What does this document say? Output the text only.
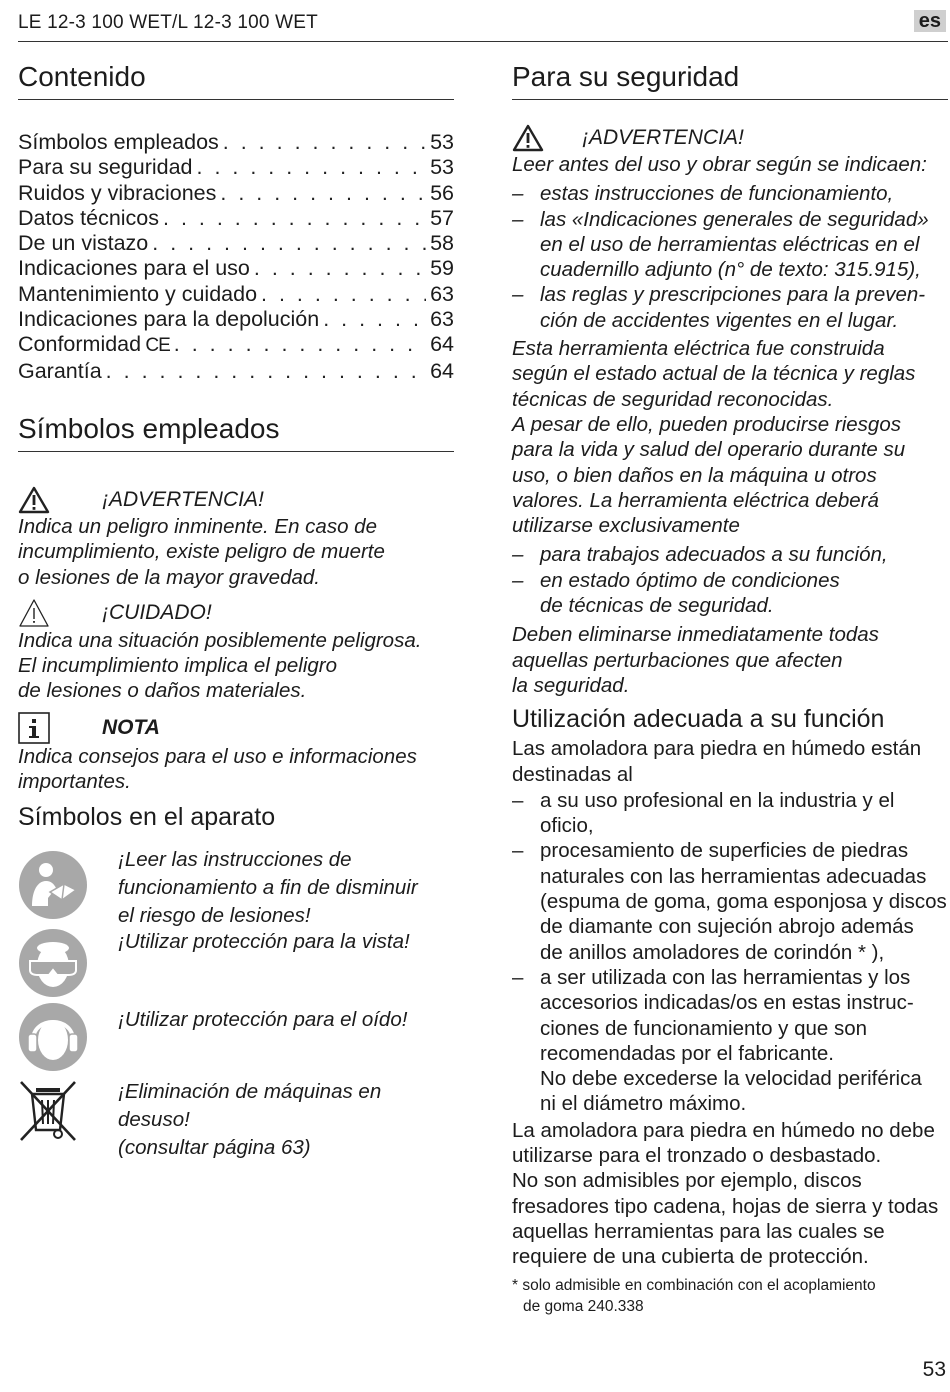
LE 12-3 100 WET/L 12-3 100 WET	es
Contenido
Símbolos empleados . . .	53
Para su seguridad . . .	53
Ruidos y vibraciones . . .	56
Datos técnicos . . .	57
De un vistazo . . .	58
Indicaciones para el uso . . .	59
Mantenimiento y cuidado . . .	63
Indicaciones para la depolución . . .	63
Conformidad CE . . .	64
Garantía . . .	64
Símbolos empleados
¡ADVERTENCIA!
Indica un peligro inminente. En caso de
incumplimiento, existe peligro de muerte
o lesiones de la mayor gravedad.
¡CUIDADO!
Indica una situación posiblemente peligrosa.
El incumplimiento implica el peligro
de lesiones o daños materiales.
NOTA
Indica consejos para el uso e informaciones
importantes.
Símbolos en el aparato
¡Leer las instrucciones de
funcionamiento a fin de disminuir
el riesgo de lesiones!
¡Utilizar protección para la vista!
¡Utilizar protección para el oído!
¡Eliminación de máquinas en
desuso!
(consultar página 63)
Para su seguridad
¡ADVERTENCIA!
Leer antes del uso y obrar según se indicaen:
– estas instrucciones de funcionamiento,
– las «Indicaciones generales de seguridad»
en el uso de herramientas eléctricas en el
cuadernillo adjunto (n° de texto: 315.915),
– las reglas y prescripciones para la preven-
ción de accidentes vigentes en el lugar.
Esta herramienta eléctrica fue construida
según el estado actual de la técnica y reglas
técnicas de seguridad reconocidas.
A pesar de ello, pueden producirse riesgos
para la vida y salud del operario durante su
uso, o bien daños en la máquina u otros
valores. La herramienta eléctrica deberá
utilizarse exclusivamente
– para trabajos adecuados a su función,
– en estado óptimo de condiciones
de técnicas de seguridad.
Deben eliminarse inmediatamente todas
aquellas perturbaciones que afecten
la seguridad.
Utilización adecuada a su función
Las amoladora para piedra en húmedo están
destinadas al
– a su uso profesional en la industria y el oficio,
– procesamiento de superficies de piedras
naturales con las herramientas adecuadas
(espuma de goma, goma esponjosa y discos
de diamante con sujeción abrojo además
de anillos amoladores de corindón * ),
– a ser utilizada con las herramientas y los
accesorios indicadas/os en estas instruc-
ciones de funcionamiento y que son
recomendadas por el fabricante.
No debe excederse la velocidad periférica
ni el diámetro máximo.
La amoladora para piedra en húmedo no debe
utilizarse para el tronzado o desbastado.
No son admisibles por ejemplo, discos
fresadores tipo cadena, hojas de sierra y todas
aquellas herramientas para las cuales se
requiere de una cubierta de protección.
* solo admisible en combinación con el acoplamiento
de goma 240.338
53
